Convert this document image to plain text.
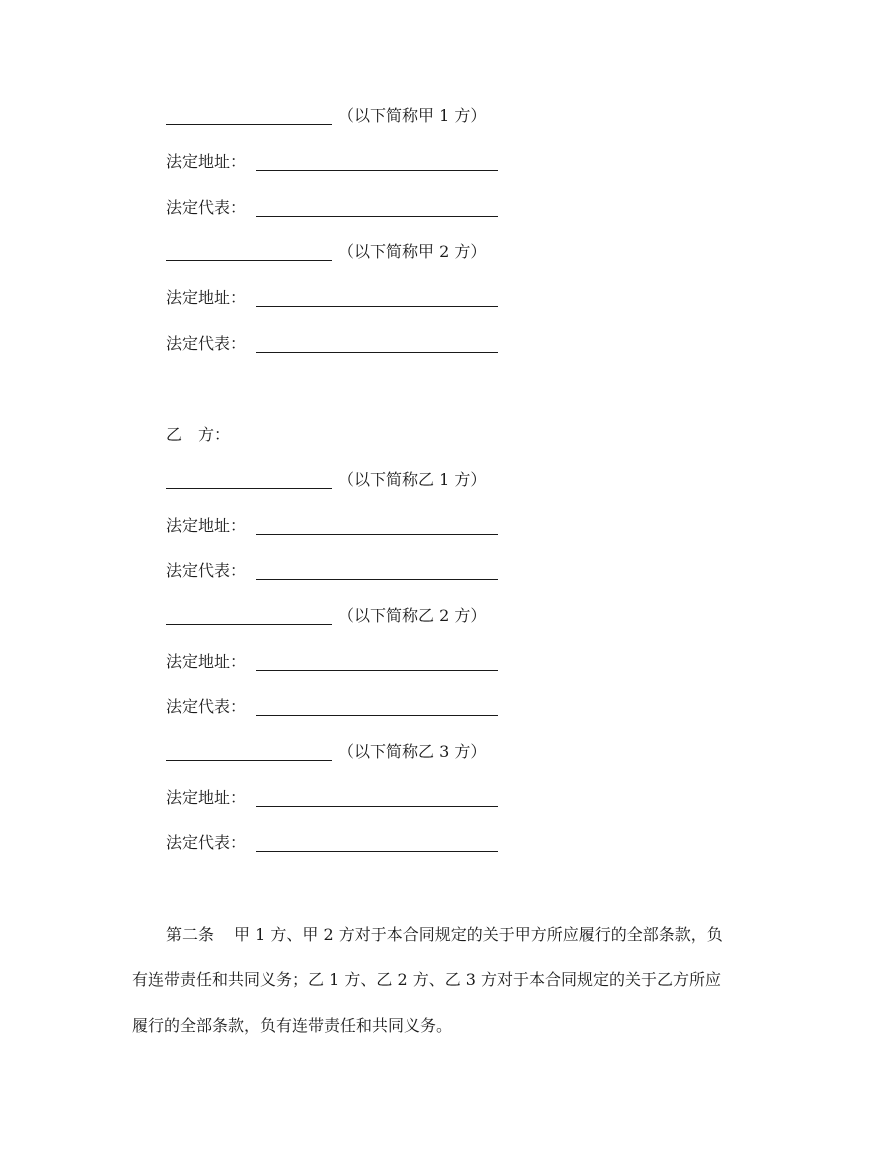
（以下简称甲 1 方）
法定地址：
法定代表：
（以下简称甲 2 方）
法定地址：
法定代表：
乙　方：
（以下简称乙 1 方）
法定地址：
法定代表：
（以下简称乙 2 方）
法定地址：
法定代表：
（以下简称乙 3 方）
法定地址：
法定代表：
第二条 甲 1 方、甲 2 方对于本合同规定的关于甲方所应履行的全部条款，负
有连带责任和共同义务；乙 1 方、乙 2 方、乙 3 方对于本合同规定的关于乙方所应
履行的全部条款，负有连带责任和共同义务。
